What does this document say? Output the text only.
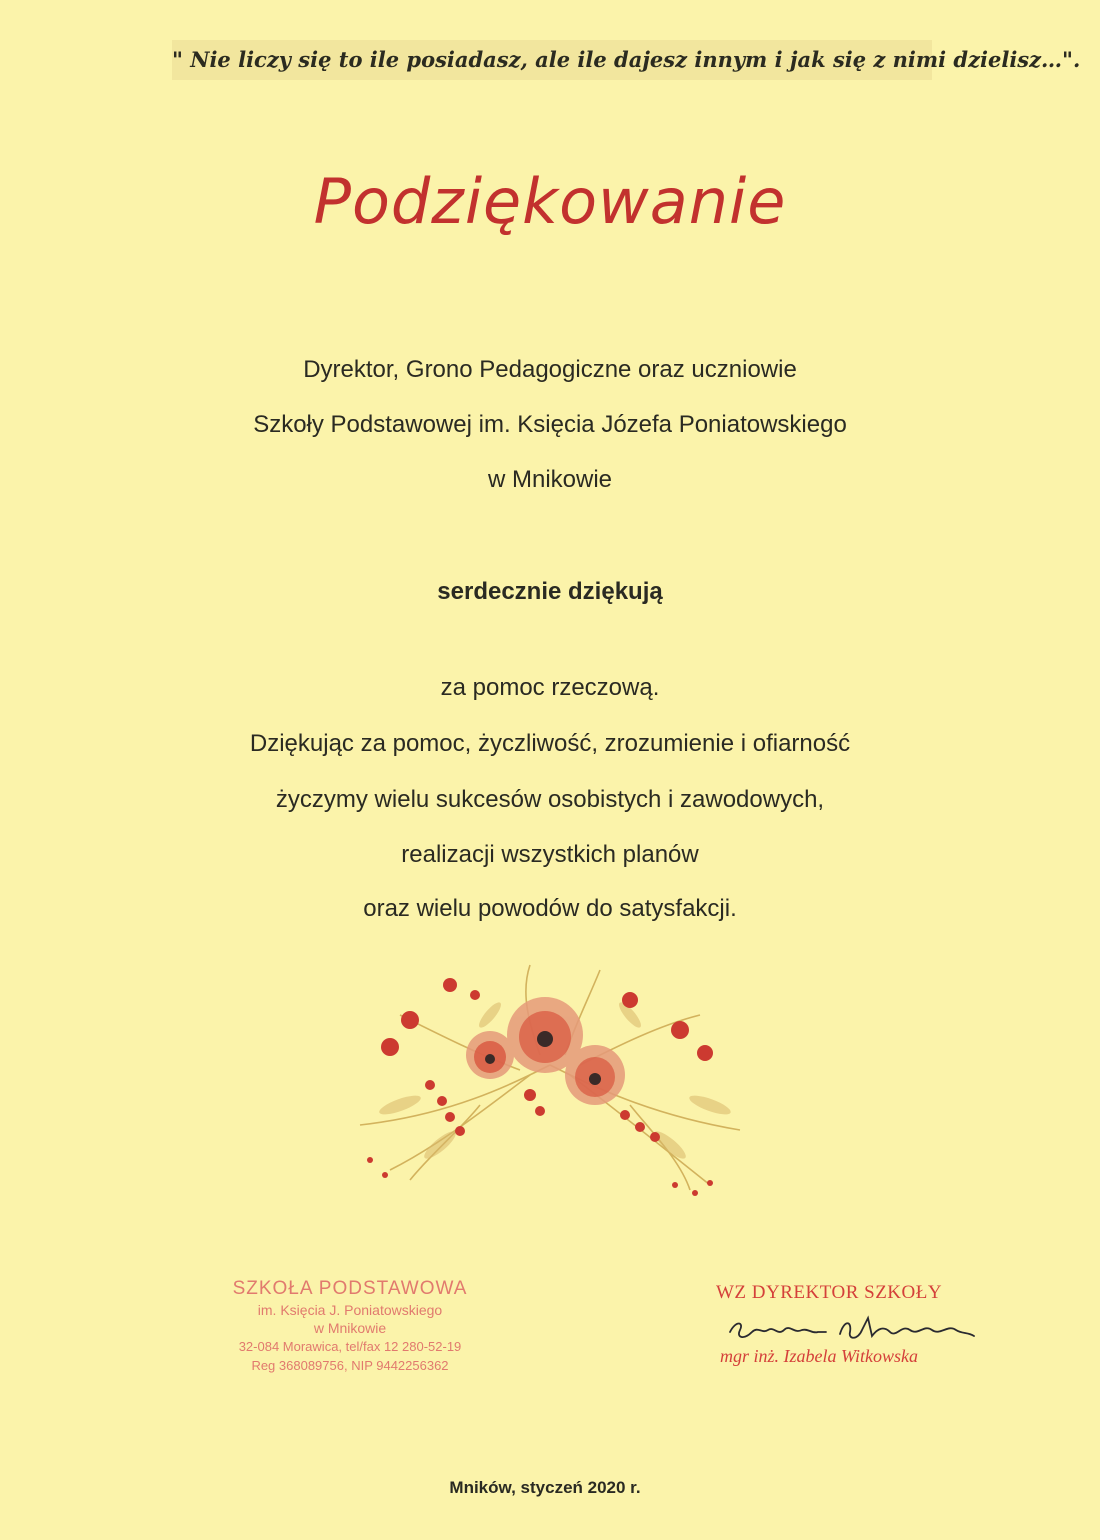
" Nie liczy się to ile posiadasz, ale ile dajesz innym i jak się z nimi dzielisz…".
Podziękowanie
Dyrektor, Grono Pedagogiczne oraz uczniowie
Szkoły Podstawowej im. Księcia Józefa Poniatowskiego
w Mnikowie
serdecznie dziękują
za pomoc rzeczową.
Dziękując za pomoc, życzliwość, zrozumienie i ofiarność
życzymy wielu sukcesów osobistych i zawodowych,
realizacji wszystkich planów
oraz wielu powodów do satysfakcji.
SZKOŁA PODSTAWOWA
im. Księcia J. Poniatowskiego
w Mnikowie
32-084 Morawica, tel/fax 12 280-52-19
Reg 368089756, NIP 9442256362
WZ DYREKTOR SZKOŁY
mgr inż. Izabela Witkowska
Mników, styczeń 2020 r.
